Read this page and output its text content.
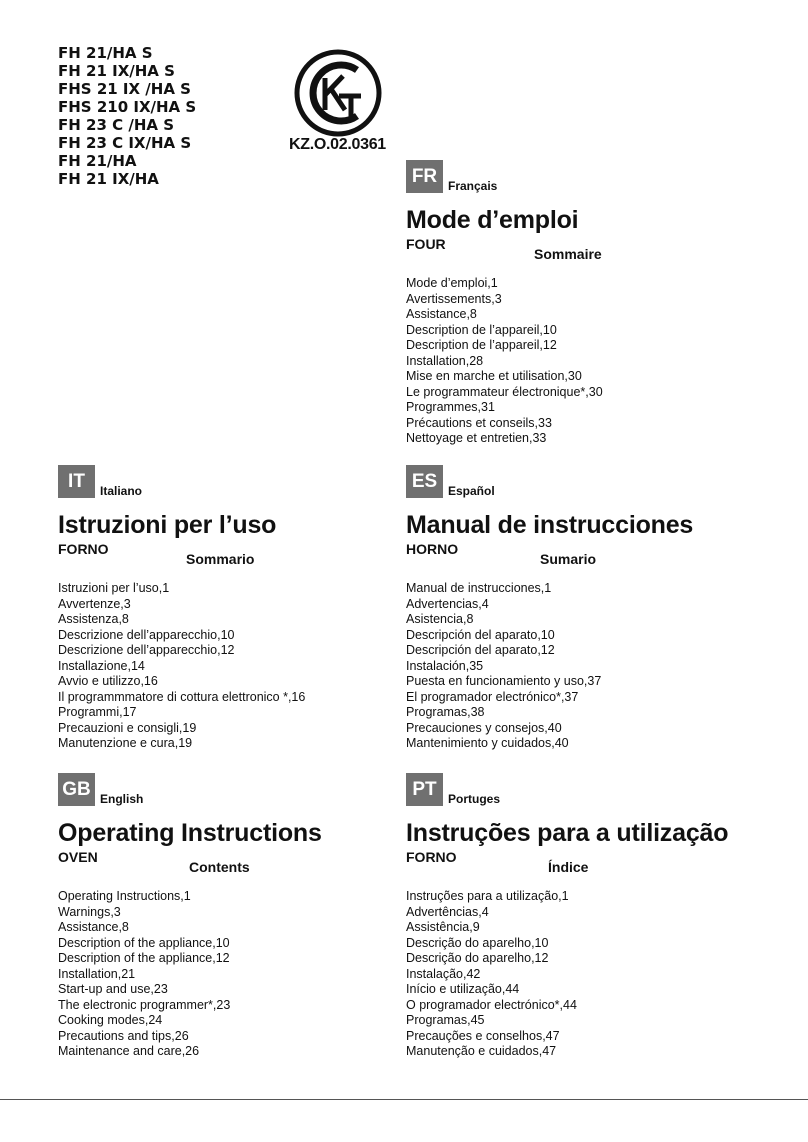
FH 21/HA S
FH 21 IX/HA S
FHS 21 IX /HA S
FHS 210 IX/HA S
FH 23 C /HA S
FH 23 C IX/HA S
FH 21/HA
FH 21 IX/HA
KZ.O.02.0361
FR Français
Mode d’emploi
FOUR
Sommaire
Mode d’emploi,1
Avertissements,3
Assistance,8
Description de l’appareil,10
Description de l’appareil,12
Installation,28
Mise en marche et utilisation,30
Le programmateur électronique*,30
Programmes,31
Précautions et conseils,33
Nettoyage et entretien,33
IT	Italiano
Istruzioni per l’uso
FORNO
Sommario
Istruzioni per l’uso,1
Avvertenze,3
Assistenza,8
Descrizione dell’apparecchio,10
Descrizione dell’apparecchio,12
Installazione,14
Avvio e utilizzo,16
Il programmmatore di cottura elettronico *,16
Programmi,17
Precauzioni e consigli,19
Manutenzione e cura,19
ES Español
Manual de instrucciones
HORNO
Sumario
Manual de instrucciones,1
Advertencias,4
Asistencia,8
Descripción del aparato,10
Descripción del aparato,12
Instalación,35
Puesta en funcionamiento y uso,37
El programador electrónico*,37
Programas,38
Precauciones y consejos,40
Mantenimiento y cuidados,40
GB English
Operating Instructions
OVEN
Contents
Operating Instructions,1
Warnings,3
Assistance,8
Description of the appliance,10
Description of the appliance,12
Installation,21
Start-up and use,23
The electronic programmer*,23
Cooking modes,24
Precautions and tips,26
Maintenance and care,26
PT Portuges
Instruções para a utilização
FORNO
Índice
Instruções para a utilização,1
Advertências,4
Assistência,9
Descrição do aparelho,10
Descrição do aparelho,12
Instalação,42
Início e utilização,44
O programador electrónico*,44
Programas,45
Precauções e conselhos,47
Manutenção e cuidados,47
